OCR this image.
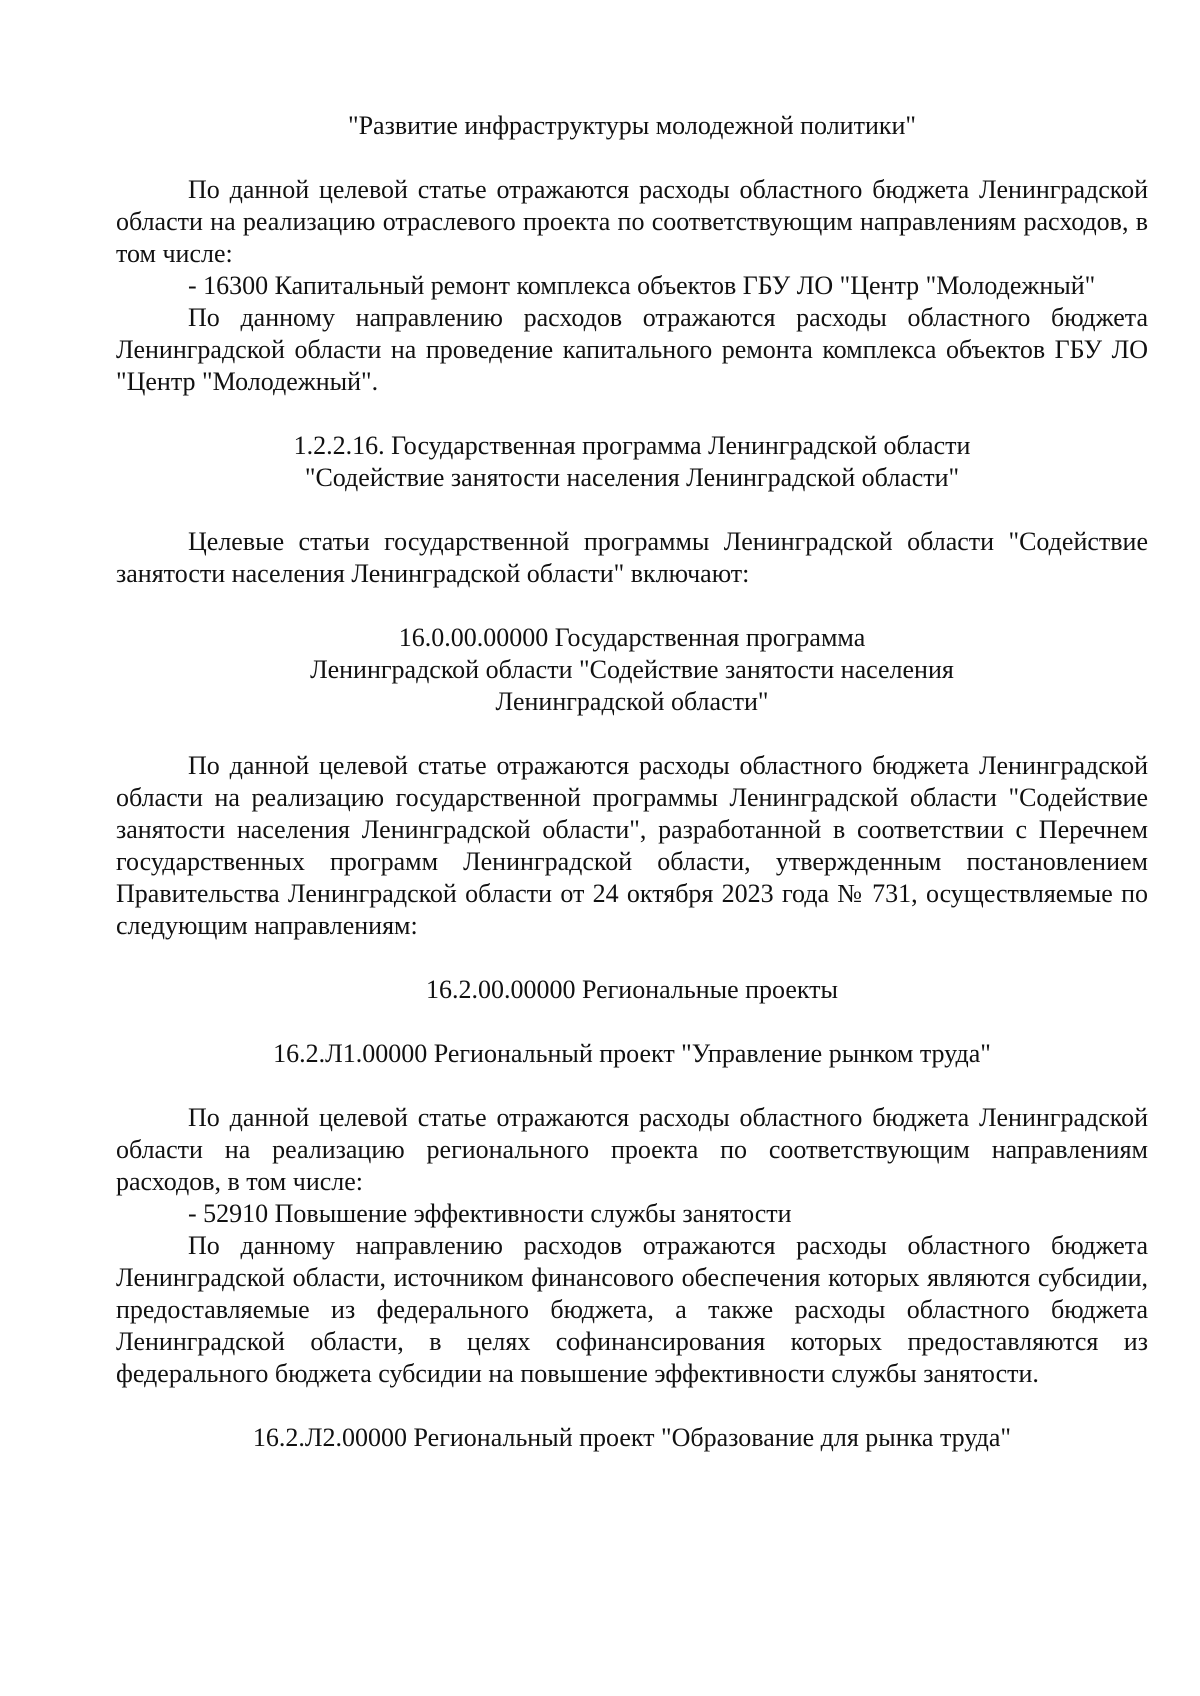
"Развитие инфраструктуры молодежной политики"

По данной целевой статье отражаются расходы областного бюджета Ленинградской области на реализацию отраслевого проекта по соответствующим направлениям расходов, в том числе:

- 16300 Капитальный ремонт комплекса объектов ГБУ ЛО "Центр "Молодежный"

По данному направлению расходов отражаются расходы областного бюджета Ленинградской области на проведение капитального ремонта комплекса объектов ГБУ ЛО "Центр "Молодежный".

1.2.2.16. Государственная программа Ленинградской области

"Содействие занятости населения Ленинградской области"

Целевые статьи государственной программы Ленинградской области "Содействие занятости населения Ленинградской области" включают:

16.0.00.00000 Государственная программа

Ленинградской области "Содействие занятости населения

Ленинградской области"

По данной целевой статье отражаются расходы областного бюджета Ленинградской области на реализацию государственной программы Ленинградской области "Содействие занятости населения Ленинградской области", разработанной в соответствии с Перечнем государственных программ Ленинградской области, утвержденным постановлением Правительства Ленинградской области от 24 октября 2023 года № 731, осуществляемые по следующим направлениям:

16.2.00.00000 Региональные проекты

16.2.Л1.00000 Региональный проект "Управление рынком труда"

По данной целевой статье отражаются расходы областного бюджета Ленинградской области на реализацию регионального проекта по соответствующим направлениям расходов, в том числе:

- 52910 Повышение эффективности службы занятости

По данному направлению расходов отражаются расходы областного бюджета Ленинградской области, источником финансового обеспечения которых являются субсидии, предоставляемые из федерального бюджета, а также расходы областного бюджета Ленинградской области, в целях софинансирования которых предоставляются из федерального бюджета субсидии на повышение эффективности службы занятости.

16.2.Л2.00000 Региональный проект "Образование для рынка труда"
